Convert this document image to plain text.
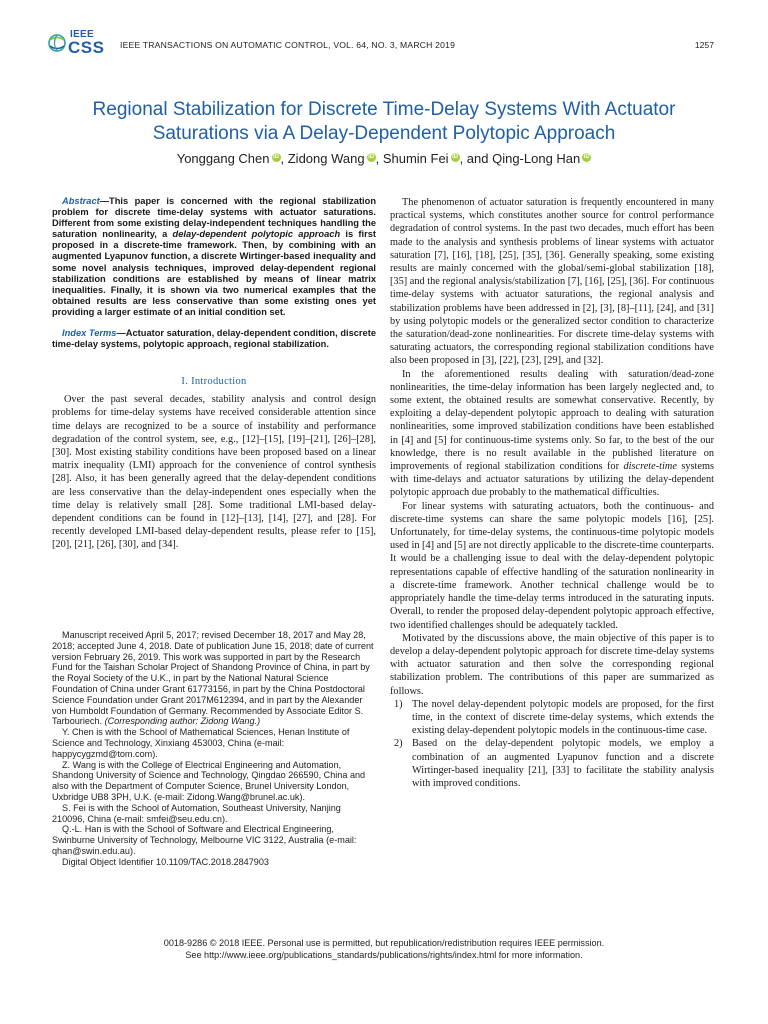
IEEE
CSS IEEE TRANSACTIONS ON AUTOMATIC CONTROL, VOL. 64, NO. 3, MARCH 2019	1257
Regional Stabilization for Discrete Time-Delay Systems With Actuator
Saturations via A Delay-Dependent Polytopic Approach
Yonggang Chen iD , Zidong Wang iD , Shumin Fei iD , and Qing-Long Han iD

Abstract—This paper is concerned with the regional stabilization problem for discrete time-delay systems with actuator saturations. Different from some existing delay-independent techniques handling the saturation nonlinearity, a delay-dependent polytopic approach is first proposed in a discrete-time framework. Then, by combining with an augmented Lyapunov function, a discrete Wirtinger-based inequality and some novel analysis techniques, improved delay-dependent regional stabilization conditions are established by means of linear matrix inequalities. Finally, it is shown via two numerical examples that the obtained results are less conservative than some existing ones yet providing a larger estimate of an initial condition set.

Index Terms—Actuator saturation, delay-dependent condition, discrete time-delay systems, polytopic approach, regional stabilization.

I. Introduction

Over the past several decades, stability analysis and control design problems for time-delay systems have received considerable attention since time delays are recognized to be a source of instability and performance degradation of the control system, see, e.g., [12]–[15], [19]–[21], [26]–[28], [30]. Most existing stability conditions have been proposed based on a linear matrix inequality (LMI) approach for the convenience of control synthesis [28]. Also, it has been generally agreed that the delay-dependent conditions are less conservative than the delay-independent ones especially when the time delay is relatively small [28]. Some traditional LMI-based delay-dependent conditions can be found in [12]–[13], [14], [27], and [28]. For recently developed LMI-based delay-dependent results, please refer to [15], [20], [21], [26], [30], and [34].

Manuscript received April 5, 2017; revised December 18, 2017 and May 28, 2018; accepted June 4, 2018. Date of publication June 15, 2018; date of current version February 26, 2019. This work was supported in part by the Research Fund for the Taishan Scholar Project of Shandong Province of China, in part by the Royal Society of the U.K., in part by the National Natural Science Foundation of China under Grant 61773156, in part by the China Postdoctoral Science Foundation under Grant 2017M612394, and in part by the Alexander von Humboldt Foundation of Germany. Recommended by Associate Editor S. Tarbouriech. (Corresponding author: Zidong Wang.)

Y. Chen is with the School of Mathematical Sciences, Henan Institute of Science and Technology, Xinxiang 453003, China (e-mail: happycygzmd@tom.com).

Z. Wang is with the College of Electrical Engineering and Automation, Shandong University of Science and Technology, Qingdao 266590, China and also with the Department of Computer Science, Brunel University London, Uxbridge UB8 3PH, U.K. (e-mail: Zidong.Wang@brunel.ac.uk).

S. Fei is with the School of Automation, Southeast University, Nanjing 210096, China (e-mail: smfei@seu.edu.cn).

Q.-L. Han is with the School of Software and Electrical Engineering, Swinburne University of Technology, Melbourne VIC 3122, Australia (e-mail: qhan@swin.edu.au).

Digital Object Identifier 10.1109/TAC.2018.2847903

The phenomenon of actuator saturation is frequently encountered in many practical systems, which constitutes another source for control performance degradation of control systems. In the past two decades, much effort has been made to the analysis and synthesis problems of linear systems with actuator saturation [7], [16], [18], [25], [35], [36]. Generally speaking, some existing results are mainly concerned with the global/semi-global stabilization [18], [35] and the regional analysis/stabilization [7], [16], [25], [36]. For continuous time-delay systems with actuator saturations, the regional analysis and stabilization problems have been addressed in [2], [3], [8]–[11], [24], and [31] by using polytopic models or the generalized sector condition to characterize the saturation/dead-zone nonlinearities. For discrete time-delay systems with saturating actuators, the corresponding regional stabilization conditions have also been proposed in [3], [22], [23], [29], and [32].

In the aforementioned results dealing with saturation/dead-zone nonlinearities, the time-delay information has been largely neglected and, to some extent, the obtained results are somewhat conservative. Recently, by exploiting a delay-dependent polytopic approach to dealing with saturation nonlinearities, some improved stabilization conditions have been established in [4] and [5] for continuous-time systems only. So far, to the best of the our knowledge, there is no result available in the published literature on improvements of regional stabilization conditions for discrete-time systems with time-delays and actuator saturations by utilizing the delay-dependent polytopic approach due probably to the mathematical difficulties.

For linear systems with saturating actuators, both the continuous- and discrete-time systems can share the same polytopic models [16], [25]. Unfortunately, for time-delay systems, the continuous-time polytopic models used in [4] and [5] are not directly applicable to the discrete-time counterparts. It would be a challenging issue to deal with the delay-dependent polytopic representations capable of effective handling of the saturation nonlinearity in a discrete-time framework. Another technical challenge would be to appropriately handle the time-delay terms introduced in the saturating inputs. Overall, to render the proposed delay-dependent polytopic approach effective, two identified challenges should be adequately tackled.

Motivated by the discussions above, the main objective of this paper is to develop a delay-dependent polytopic approach for discrete time-delay systems with actuator saturation and then solve the corresponding regional stabilization problem. The contributions of this paper are summarized as follows.

1) The novel delay-dependent polytopic models are proposed, for the first time, in the context of discrete time-delay systems, which extends the existing delay-dependent polytopic models in the continuous-time case.
2) Based on the delay-dependent polytopic models, we employ a combination of an augmented Lyapunov function and a discrete Wirtinger-based inequality [21], [33] to facilitate the stability analysis with improved conditions.
0018-9286 © 2018 IEEE. Personal use is permitted, but republication/redistribution requires IEEE permission.
See http://www.ieee.org/publications_standards/publications/rights/index.html for more information.
